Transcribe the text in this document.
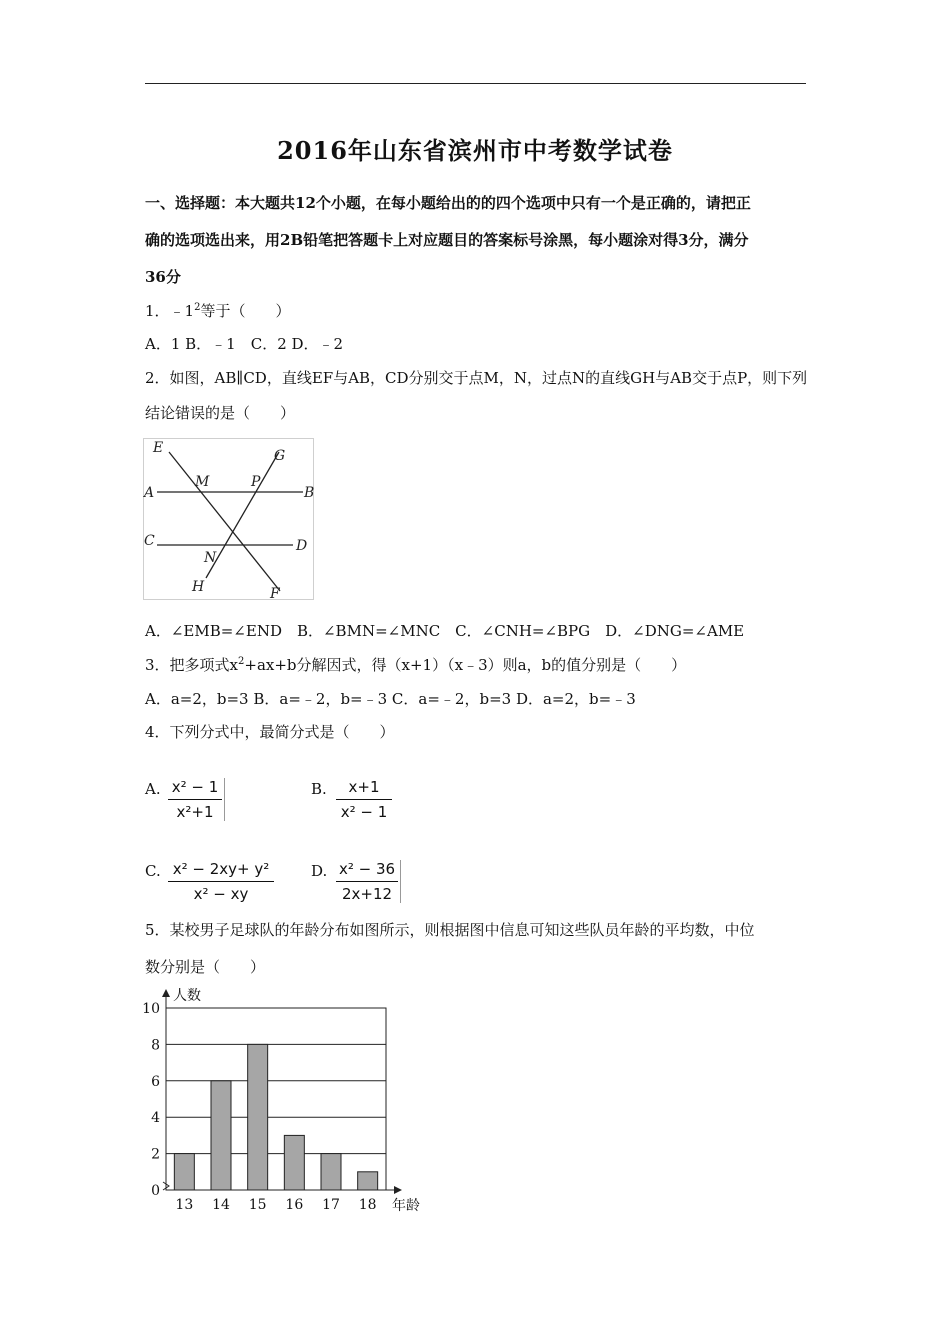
2016年山东省滨州市中考数学试卷
一、选择题：本大题共12个小题，在每小题给出的的四个选项中只有一个是正确的，请把正
确的选项选出来，用2B铅笔把答题卡上对应题目的答案标号涂黑，每小题涂对得3分，满分
36分
1．$﹣1^2$等于（　　）
A．1 B．﹣1　C．2 D．﹣2
2．如图，AB∥CD，直线EF与AB，CD分别交于点M，N，过点N的直线GH与AB交于点P，则下列
结论错误的是（　　）
E	G
M	P
A	B
C	D
N
H	F
A．∠EMB=∠END　B．∠BMN=∠MNC　C．∠CNH=∠BPG　D．∠DNG=∠AME
3．把多项式$x^2+ax+b$分解因式，得（x+1）（x﹣3）则a，b的值分别是（　　）
A．a=2，b=3 B．a=﹣2，b=﹣3 C．a=﹣2，b=3 D．a=2，b=﹣3
4．下列分式中，最简分式是（　　）
A. x² − 1
x²+1
B.	x+1
x² − 1
C. x² − 2xy+ y²
x² − xy
D. x² − 36
2x+12
5．某校男子足球队的年龄分布如图所示，则根据图中信息可知这些队员年龄的平均数，中位
数分别是（　　）
0
2
4
6
8
10
人数
年龄
13 14 15 16 17 18
